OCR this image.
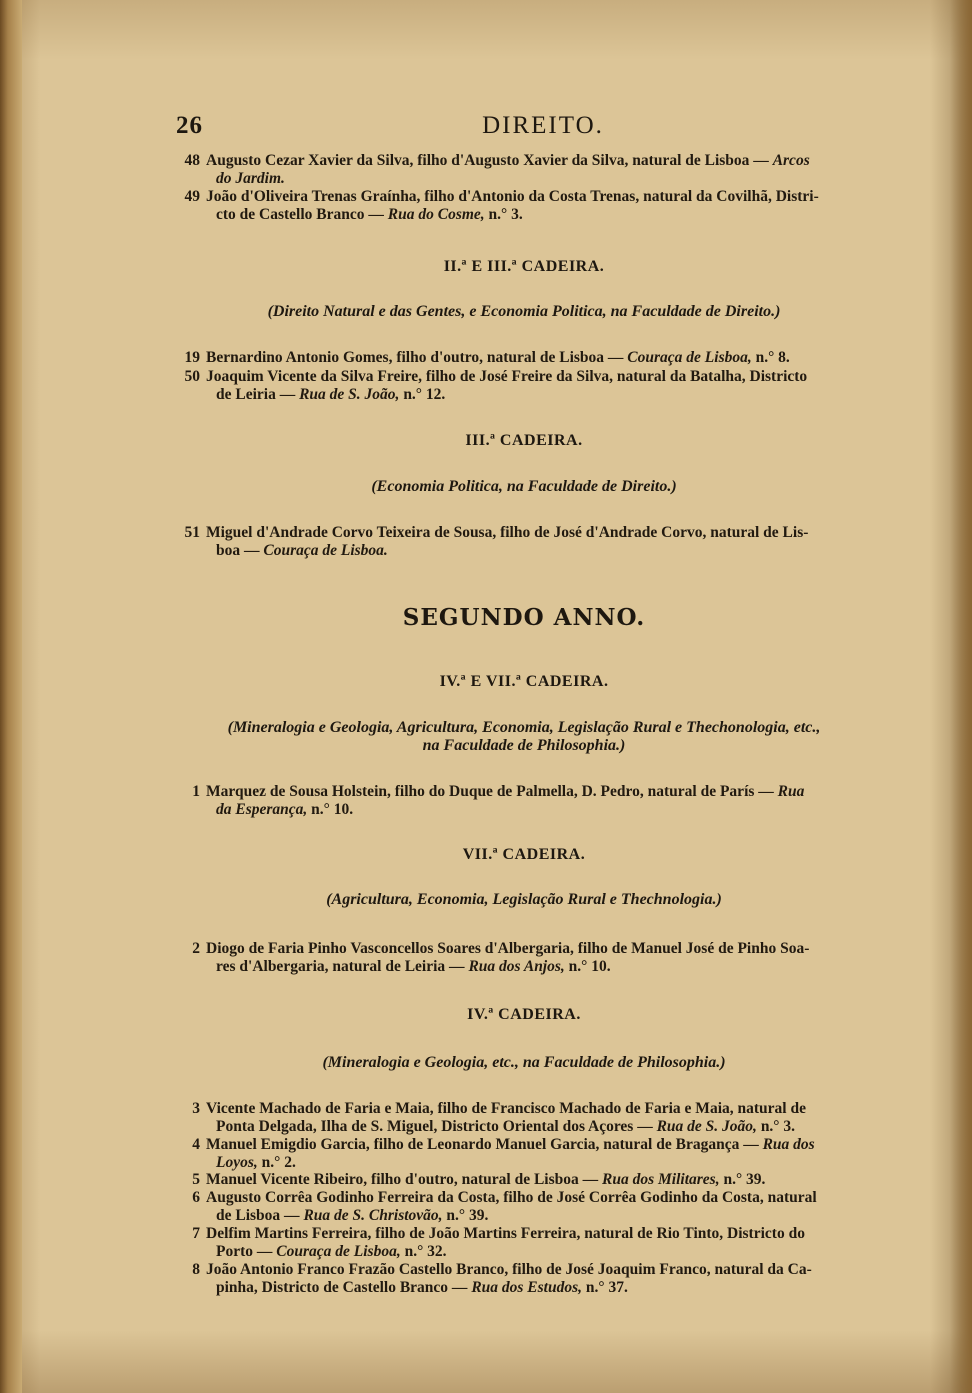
26	DIREITO.
48 Augusto Cezar Xavier da Silva, filho d'Augusto Xavier da Silva, natural de Lisboa — Arcos
do Jardim.
49 João d'Oliveira Trenas Graínha, filho d'Antonio da Costa Trenas, natural da Covilhã, Distri-
cto de Castello Branco — Rua do Cosme, n.° 3.
II.ª E III.ª CADEIRA.
(Direito Natural e das Gentes, e Economia Politica, na Faculdade de Direito.)
19 Bernardino Antonio Gomes, filho d'outro, natural de Lisboa — Couraça de Lisboa, n.° 8.
50 Joaquim Vicente da Silva Freire, filho de José Freire da Silva, natural da Batalha, Districto
de Leiria — Rua de S. João, n.° 12.
III.ª CADEIRA.
(Economia Politica, na Faculdade de Direito.)
51 Miguel d'Andrade Corvo Teixeira de Sousa, filho de José d'Andrade Corvo, natural de Lis-
boa — Couraça de Lisboa.
SEGUNDO ANNO.
IV.ª E VII.ª CADEIRA.
(Mineralogia e Geologia, Agricultura, Economia, Legislação Rural e Thechonologia, etc.,
na Faculdade de Philosophia.)
1 Marquez de Sousa Holstein, filho do Duque de Palmella, D. Pedro, natural de París — Rua
da Esperança, n.° 10.
VII.ª CADEIRA.
(Agricultura, Economia, Legislação Rural e Thechnologia.)
2 Diogo de Faria Pinho Vasconcellos Soares d'Albergaria, filho de Manuel José de Pinho Soa-
res d'Albergaria, natural de Leiria — Rua dos Anjos, n.° 10.
IV.ª CADEIRA.
(Mineralogia e Geologia, etc., na Faculdade de Philosophia.)
3 Vicente Machado de Faria e Maia, filho de Francisco Machado de Faria e Maia, natural de
Ponta Delgada, Ilha de S. Miguel, Districto Oriental dos Açores — Rua de S. João, n.° 3.
4 Manuel Emigdio Garcia, filho de Leonardo Manuel Garcia, natural de Bragança — Rua dos
Loyos, n.° 2.
5 Manuel Vicente Ribeiro, filho d'outro, natural de Lisboa — Rua dos Militares, n.° 39.
6 Augusto Corrêa Godinho Ferreira da Costa, filho de José Corrêa Godinho da Costa, natural
de Lisboa — Rua de S. Christovão, n.° 39.
7 Delfim Martins Ferreira, filho de João Martins Ferreira, natural de Rio Tinto, Districto do
Porto — Couraça de Lisboa, n.° 32.
8 João Antonio Franco Frazão Castello Branco, filho de José Joaquim Franco, natural da Ca-
pinha, Districto de Castello Branco — Rua dos Estudos, n.° 37.
